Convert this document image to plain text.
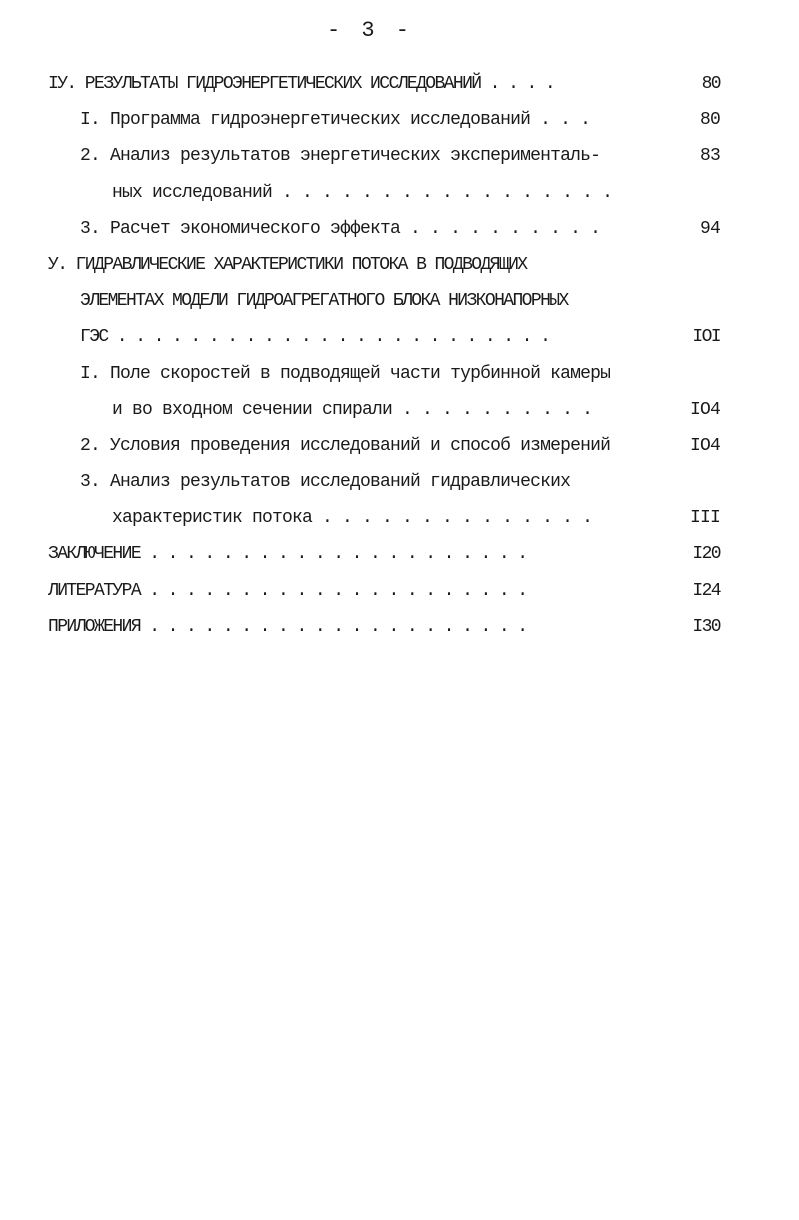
- 3 -
IУ. РЕЗУЛЬТАТЫ ГИДРОЭНЕРГЕТИЧЕСКИХ ИССЛЕДОВАНИЙ . . . .	80
I. Программа гидроэнергетических исследований . . .	80
2. Анализ результатов энергетических эксперименталь-	83
ных исследований . . . . . . . . . . . . . . . . .
3. Расчет экономического эффекта . . . . . . . . . .	94
У. ГИДРАВЛИЧЕСКИЕ ХАРАКТЕРИСТИКИ ПОТОКА В ПОДВОДЯЩИХ
ЭЛЕМЕНТАХ МОДЕЛИ ГИДРОАГРЕГАТНОГО БЛОКА НИЗКОНАПОРНЫХ
ГЭС . . . . . . . . . . . . . . . . . . . . . . . .	IOI
I. Поле скоростей в подводящей части турбинной камеры
и во входном сечении спирали . . . . . . . . . .	IO4
2. Условия проведения исследований и способ измерений	IO4
3. Анализ результатов исследований гидравлических
характеристик потока . . . . . . . . . . . . . .	III
ЗАКЛЮЧЕНИЕ . . . . . . . . . . . . . . . . . . . . .	I20
ЛИТЕРАТУРА . . . . . . . . . . . . . . . . . . . . .	I24
ПРИЛОЖЕНИЯ . . . . . . . . . . . . . . . . . . . . .	I30
